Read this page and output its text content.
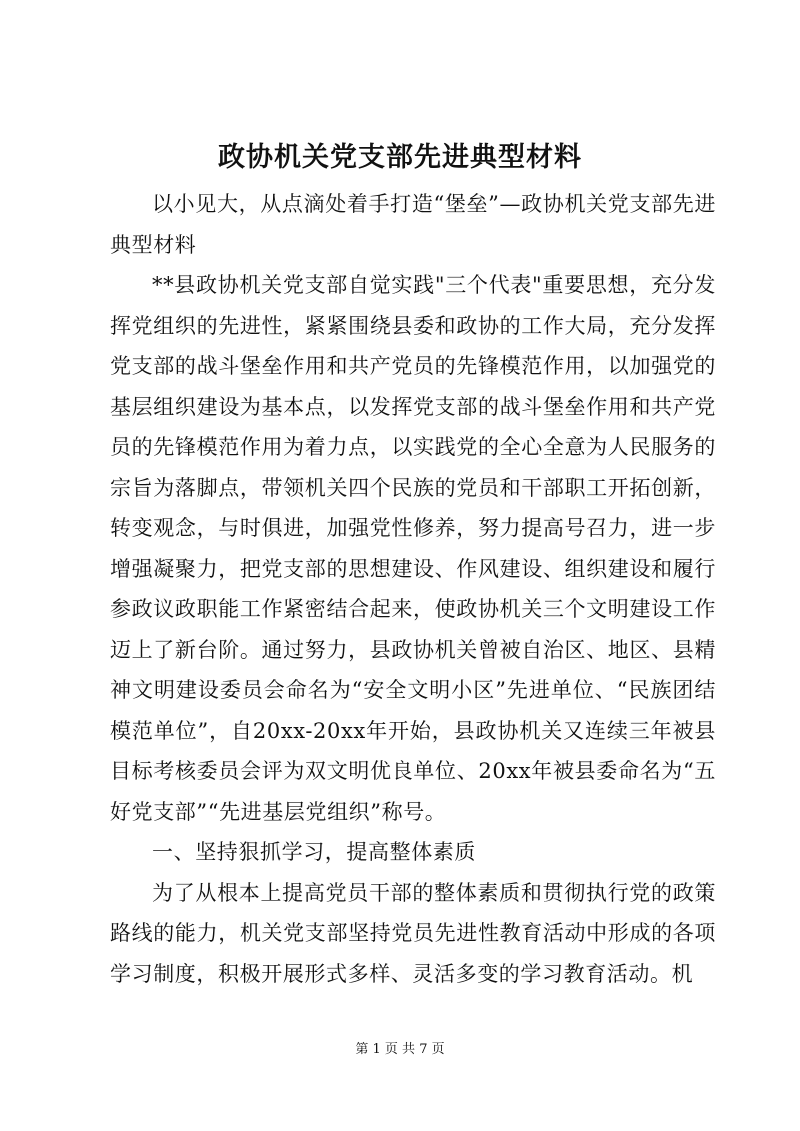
政协机关党支部先进典型材料

以小见大，从点滴处着手打造“堡垒”—政协机关党支部先进典型材料

**县政协机关党支部自觉实践"三个代表"重要思想，充分发挥党组织的先进性，紧紧围绕县委和政协的工作大局，充分发挥党支部的战斗堡垒作用和共产党员的先锋模范作用，以加强党的基层组织建设为基本点，以发挥党支部的战斗堡垒作用和共产党员的先锋模范作用为着力点，以实践党的全心全意为人民服务的宗旨为落脚点，带领机关四个民族的党员和干部职工开拓创新，转变观念，与时俱进，加强党性修养，努力提高号召力，进一步增强凝聚力，把党支部的思想建设、作风建设、组织建设和履行参政议政职能工作紧密结合起来，使政协机关三个文明建设工作迈上了新台阶。通过努力，县政协机关曾被自治区、地区、县精神文明建设委员会命名为“安全文明小区”先进单位、“民族团结模范单位”，自20xx-20xx年开始，县政协机关又连续三年被县目标考核委员会评为双文明优良单位、20xx年被县委命名为“五好党支部”“先进基层党组织”称号。

一、坚持狠抓学习，提高整体素质

为了从根本上提高党员干部的整体素质和贯彻执行党的政策路线的能力，机关党支部坚持党员先进性教育活动中形成的各项学习制度，积极开展形式多样、灵活多变的学习教育活动。机

第 1 页 共 7 页
